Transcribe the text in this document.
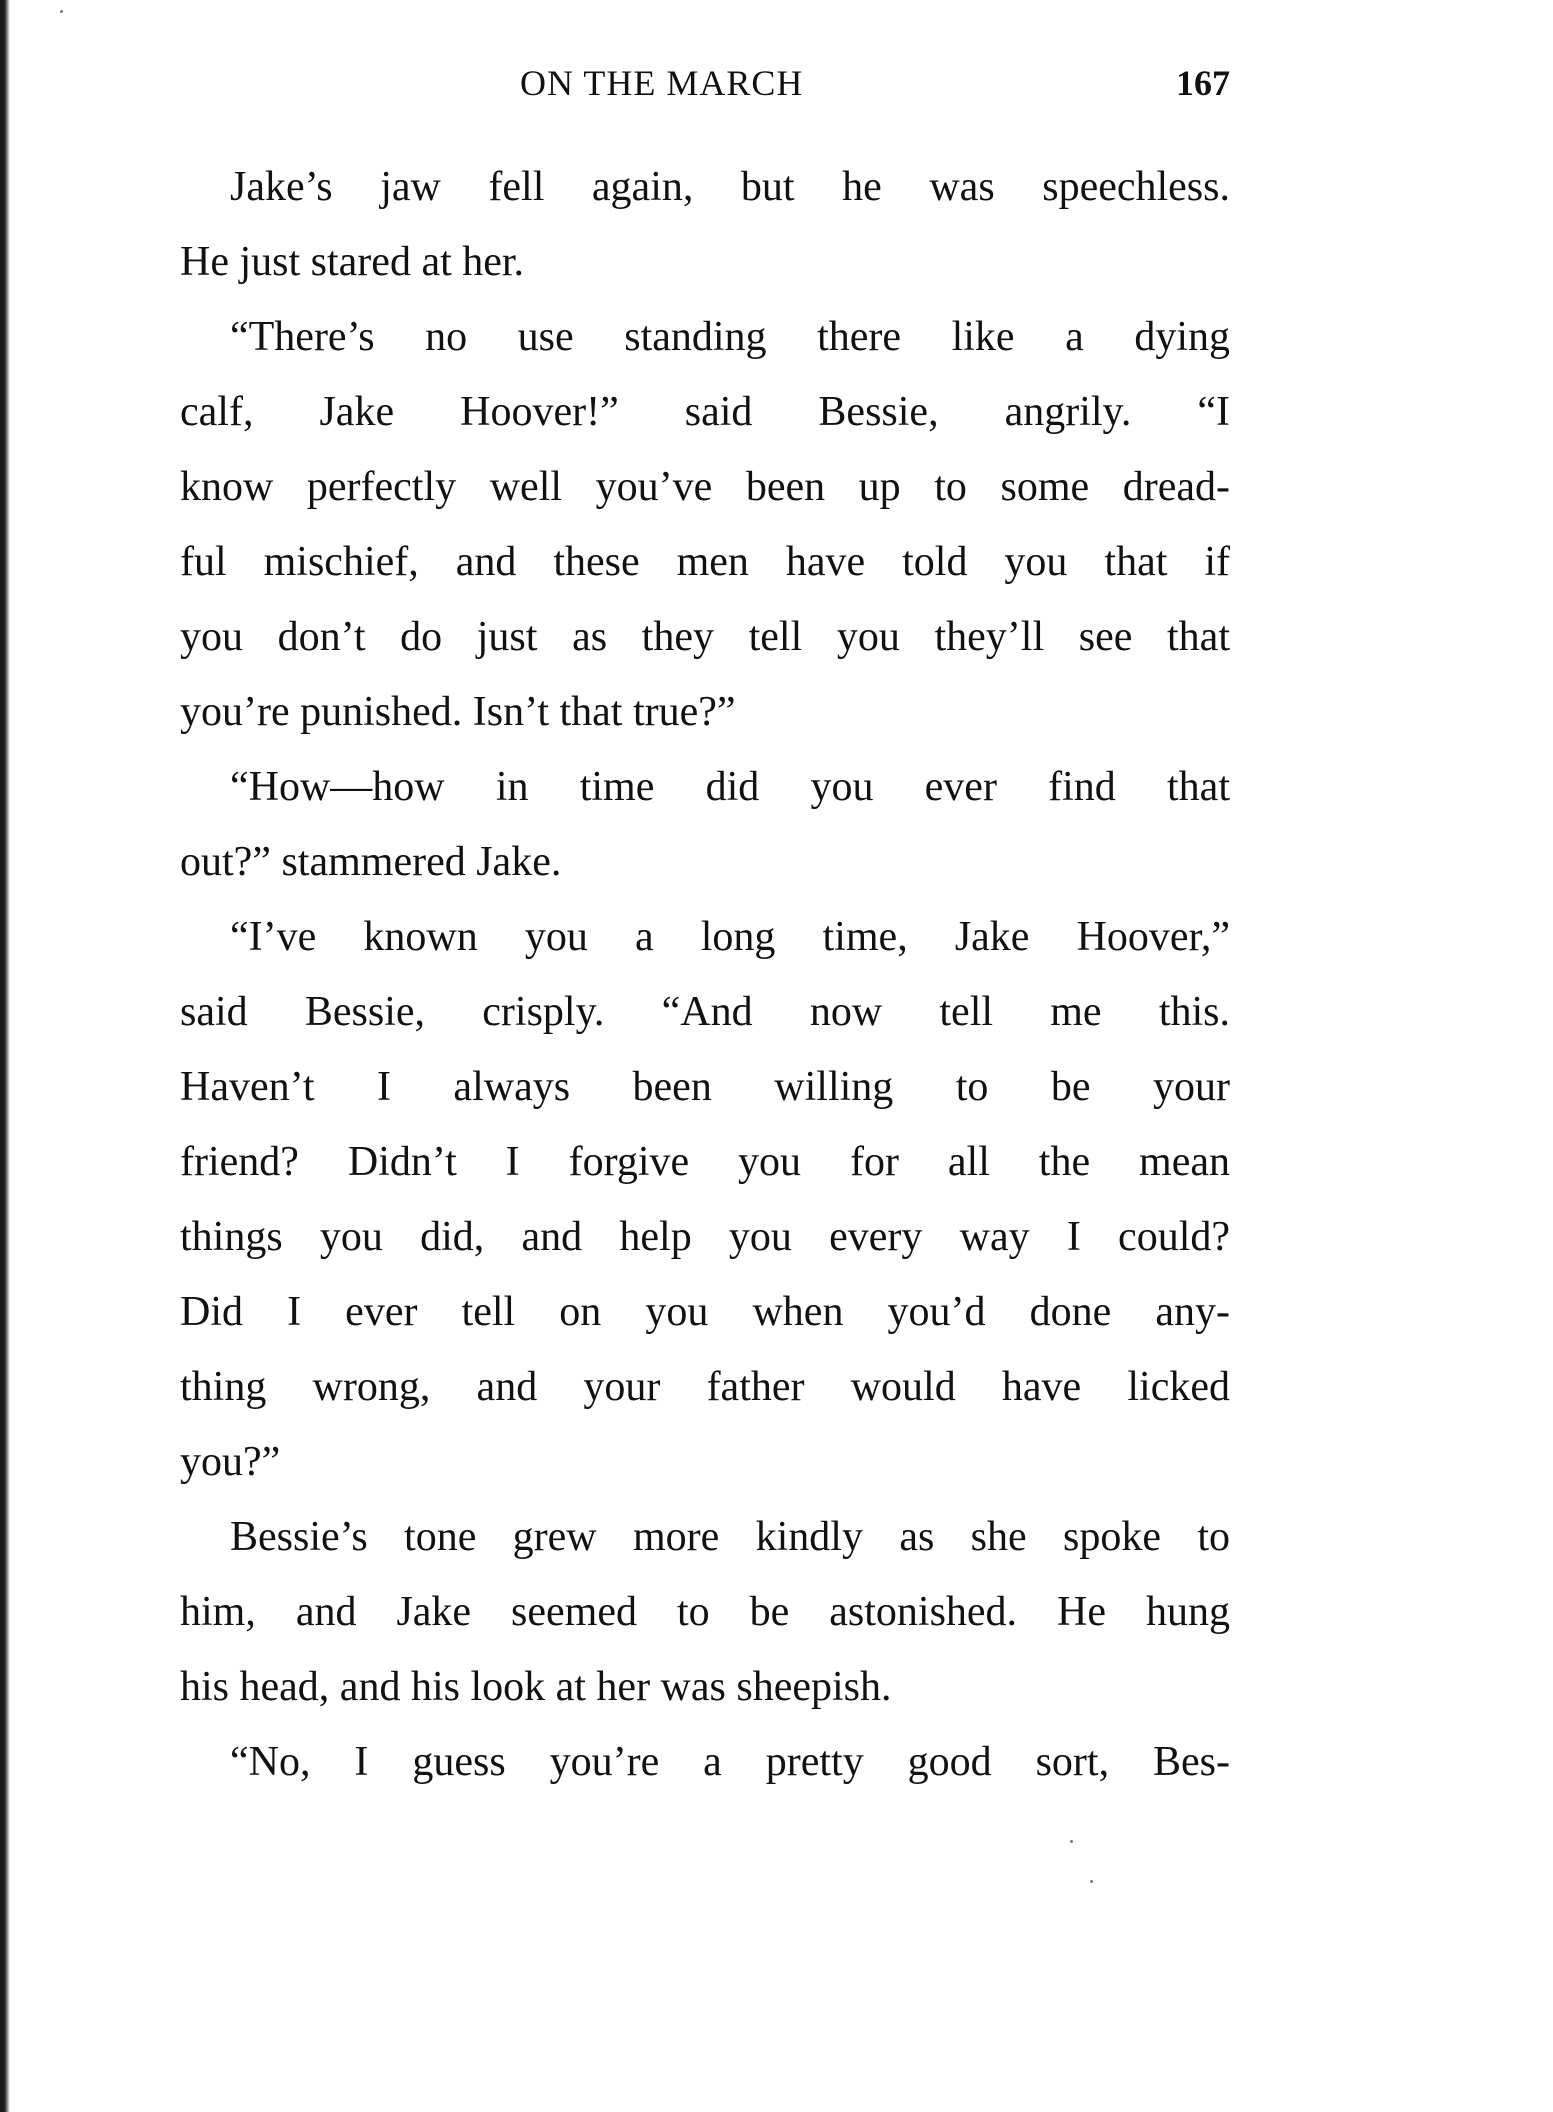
ON THE MARCH	167
Jake’s jaw fell again, but he was speechless.
He just stared at her.
“There’s no use standing there like a dying
calf, Jake Hoover!” said Bessie, angrily. “I
know perfectly well you’ve been up to some dread-
ful mischief, and these men have told you that if
you don’t do just as they tell you they’ll see that
you’re punished. Isn’t that true?”
“How—how in time did you ever find that
out?” stammered Jake.
“I’ve known you a long time, Jake Hoover,”
said Bessie, crisply. “And now tell me this.
Haven’t I always been willing to be your
friend? Didn’t I forgive you for all the mean
things you did, and help you every way I could?
Did I ever tell on you when you’d done any-
thing wrong, and your father would have licked
you?”
Bessie’s tone grew more kindly as she spoke to
him, and Jake seemed to be astonished. He hung
his head, and his look at her was sheepish.
“No, I guess you’re a pretty good sort, Bes-
